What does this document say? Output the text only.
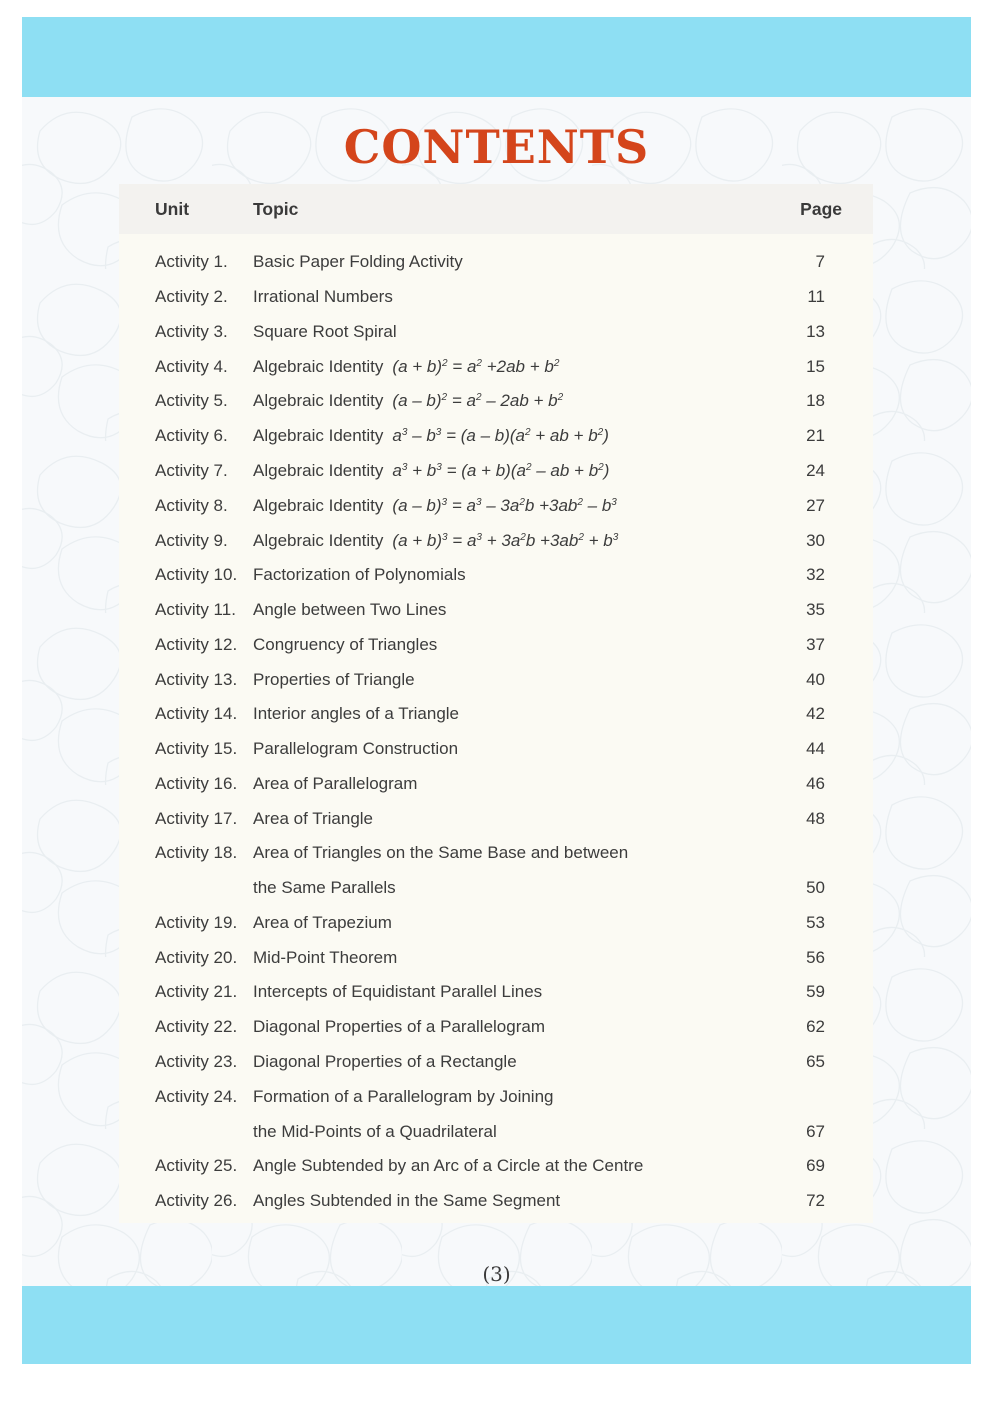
CONTENTS
Unit	Topic	Page
Activity 1.	Basic Paper Folding Activity	7
Activity 2.	Irrational Numbers	11
Activity 3.	Square Root Spiral	13
Activity 4.	Algebraic Identity $(a + b)^2 = a^2 +2ab + b^2$	15
Activity 5.	Algebraic Identity $(a - b)^2 = a^2 - 2ab + b^2$	18
Activity 6.	Algebraic Identity $a^3 - b^3 = (a - b)(a^2$ + ab + $b^2$)	21
Activity 7.	Algebraic Identity $a^3 + b^3 = (a + b)(a^2$ – ab + $b^2$)	24
Activity 8.	Algebraic Identity $(a - b)^3 = a^3 - 3a^2b +3ab^2 - b^3$	27
Activity 9.	Algebraic Identity $(a + b)^3 = a^3 + 3a^2b +3ab^2 + b^3$	30
Activity 10. Factorization of Polynomials	32
Activity 11.	Angle between Two Lines	35
Activity 12. Congruency of Triangles	37
Activity 13. Properties of Triangle	40
Activity 14. Interior angles of a Triangle	42
Activity 15. Parallelogram Construction	44
Activity 16. Area of Parallelogram	46
Activity 17. Area of Triangle	48
Activity 18. Area of Triangles on the Same Base and between
the Same Parallels	50
Activity 19. Area of Trapezium	53
Activity 20. Mid-Point Theorem	56
Activity 21. Intercepts of Equidistant Parallel Lines	59
Activity 22. Diagonal Properties of a Parallelogram	62
Activity 23. Diagonal Properties of a Rectangle	65
Activity 24. Formation of a Parallelogram by Joining
the Mid-Points of a Quadrilateral	67
Activity 25. Angle Subtended by an Arc of a Circle at the Centre	69
Activity 26. Angles Subtended in the Same Segment	72
(3)
